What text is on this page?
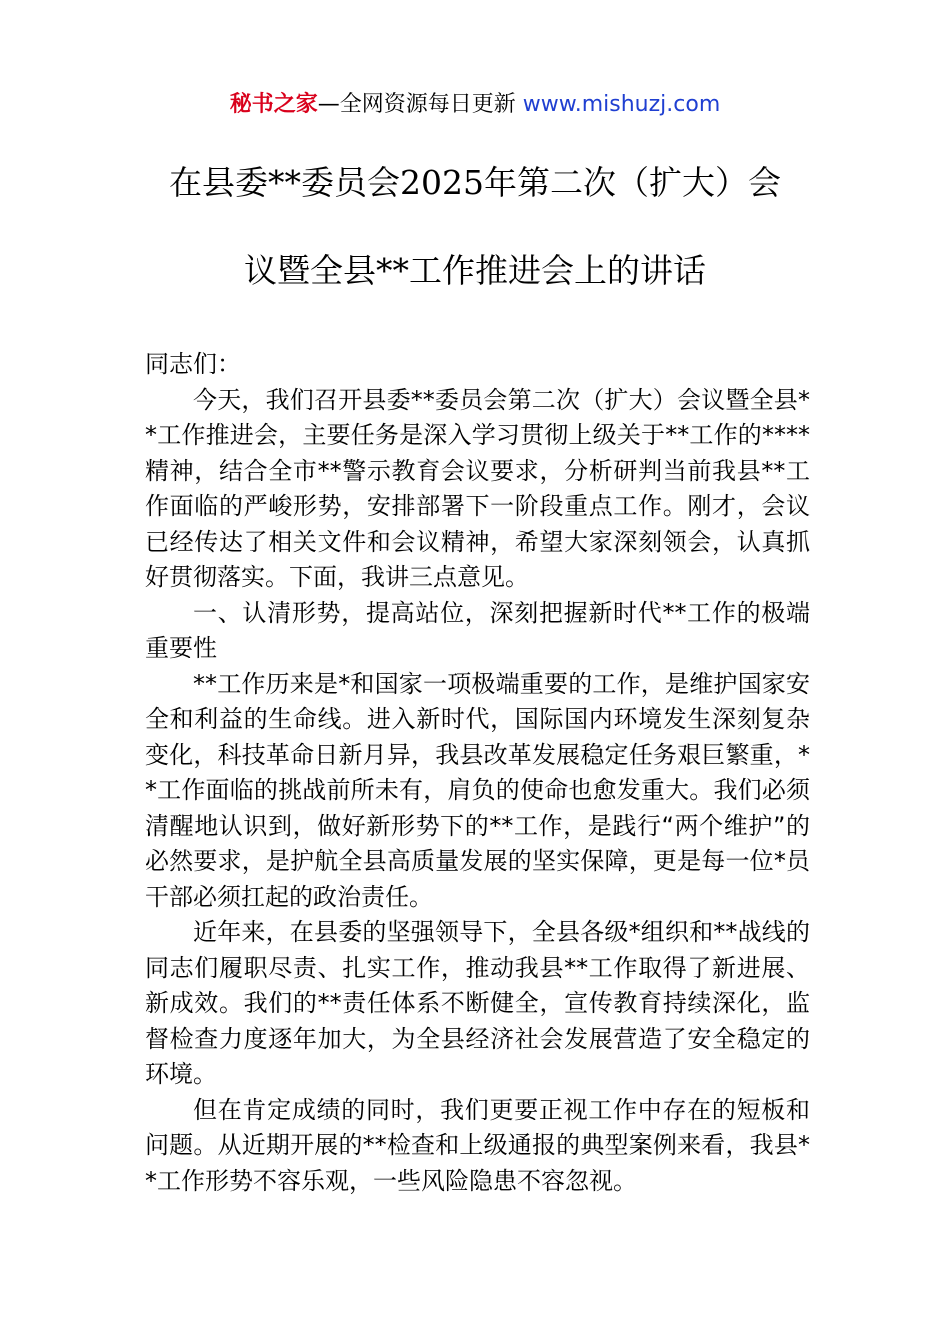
秘书之家—全网资源每日更新 www.mishuzj.com
在县委**委员会2025年第二次（扩大）会
议暨全县**工作推进会上的讲话

同志们：

今天，我们召开县委**委员会第二次（扩大）会议暨全县**工作推进会，主要任务是深入学习贯彻上级关于**工作的****精神，结合全市**警示教育会议要求，分析研判当前我县**工作面临的严峻形势，安排部署下一阶段重点工作。刚才，会议已经传达了相关文件和会议精神，希望大家深刻领会，认真抓好贯彻落实。下面，我讲三点意见。

一、认清形势，提高站位，深刻把握新时代**工作的极端重要性

**工作历来是*和国家一项极端重要的工作，是维护国家安全和利益的生命线。进入新时代，国际国内环境发生深刻复杂变化，科技革命日新月异，我县改革发展稳定任务艰巨繁重，**工作面临的挑战前所未有，肩负的使命也愈发重大。我们必须清醒地认识到，做好新形势下的**工作，是践行“两个维护”的必然要求，是护航全县高质量发展的坚实保障，更是每一位*员干部必须扛起的政治责任。

近年来，在县委的坚强领导下，全县各级*组织和**战线的同志们履职尽责、扎实工作，推动我县**工作取得了新进展、新成效。我们的**责任体系不断健全，宣传教育持续深化，监督检查力度逐年加大，为全县经济社会发展营造了安全稳定的环境。

但在肯定成绩的同时，我们更要正视工作中存在的短板和问题。从近期开展的**检查和上级通报的典型案例来看，我县**工作形势不容乐观，一些风险隐患不容忽视。
